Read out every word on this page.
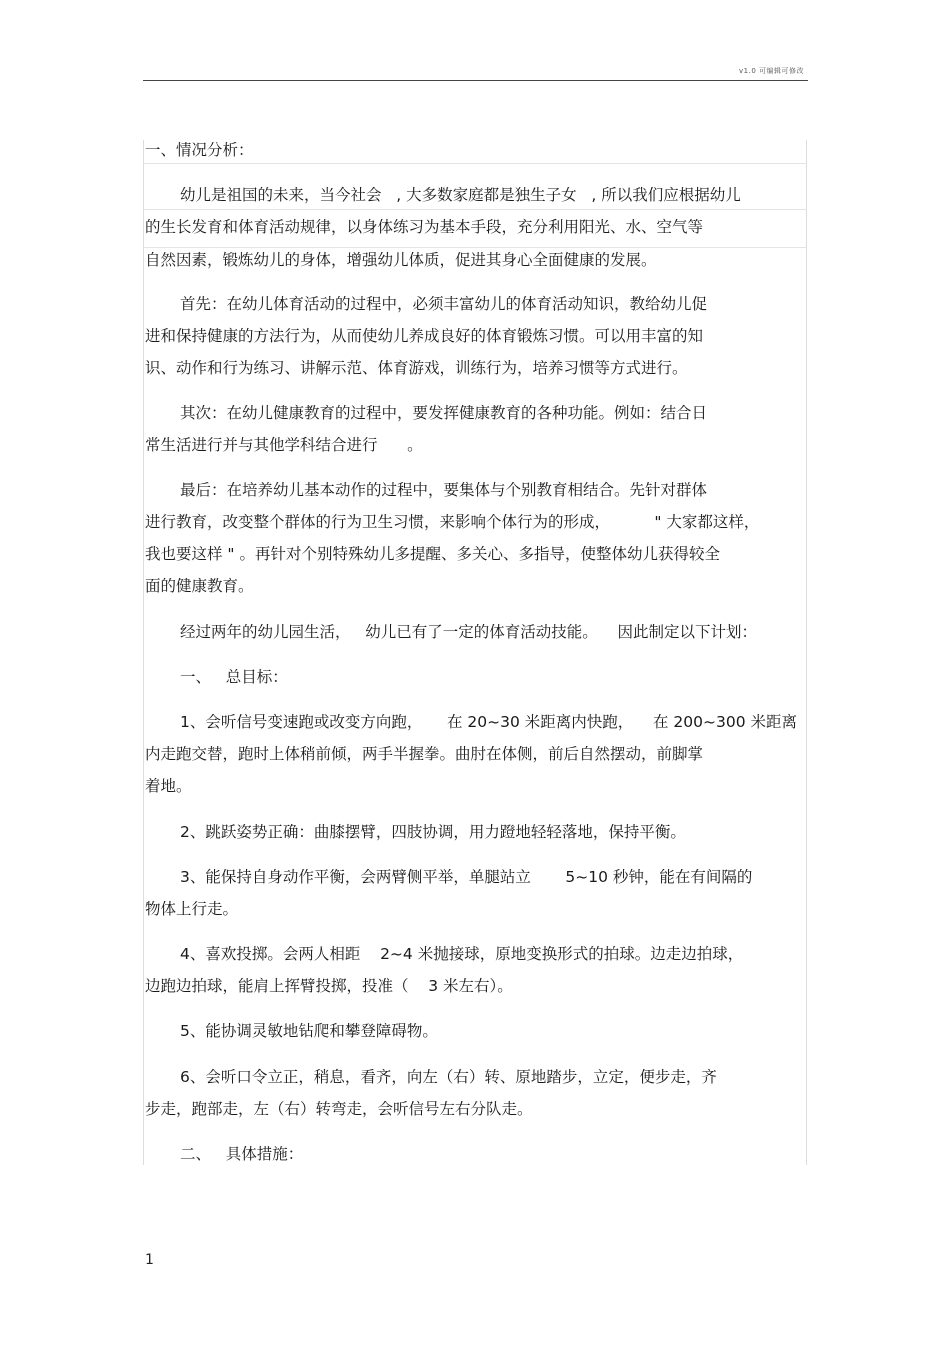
v1.0 可编辑可修改
一、情况分析：
幼儿是祖国的未来，当今社会   , 大多数家庭都是独生子女   , 所以我们应根据幼儿
的生长发育和体育活动规律，以身体练习为基本手段，充分利用阳光、水、空气等
自然因素，锻炼幼儿的身体，增强幼儿体质，促进其身心全面健康的发展。
首先：在幼儿体育活动的过程中，必须丰富幼儿的体育活动知识，教给幼儿促
进和保持健康的方法行为，从而使幼儿养成良好的体育锻炼习惯。可以用丰富的知
识、动作和行为练习、讲解示范、体育游戏，训练行为，培养习惯等方式进行。
其次：在幼儿健康教育的过程中，要发挥健康教育的各种功能。例如：结合日
常生活进行并与其他学科结合进行      。
最后：在培养幼儿基本动作的过程中，要集体与个别教育相结合。先针对群体
进行教育，改变整个群体的行为卫生习惯，来影响个体行为的形成，         " 大家都这样，
我也要这样 " 。再针对个别特殊幼儿多提醒、多关心、多指导，使整体幼儿获得较全
面的健康教育。
经过两年的幼儿园生活，   幼儿已有了一定的体育活动技能。    因此制定以下计划：
一、   总目标：
1、会听信号变速跑或改变方向跑，     在 20~30 米距离内快跑，    在 200~300 米距离
内走跑交替，跑时上体稍前倾，两手半握拳。曲肘在体侧，前后自然摆动，前脚掌
着地。
2、跳跃姿势正确：曲膝摆臂，四肢协调，用力蹬地轻轻落地，保持平衡。
3、能保持自身动作平衡，会两臂侧平举，单腿站立       5~10 秒钟，能在有间隔的
物体上行走。
4、喜欢投掷。会两人相距    2~4 米抛接球，原地变换形式的拍球。边走边拍球，
边跑边拍球，能肩上挥臂投掷，投准（    3 米左右）。
5、能协调灵敏地钻爬和攀登障碍物。
6、会听口令立正，稍息，看齐，向左（右）转、原地踏步，立定，便步走，齐
步走，跑部走，左（右）转弯走，会听信号左右分队走。
二、   具体措施：
1
